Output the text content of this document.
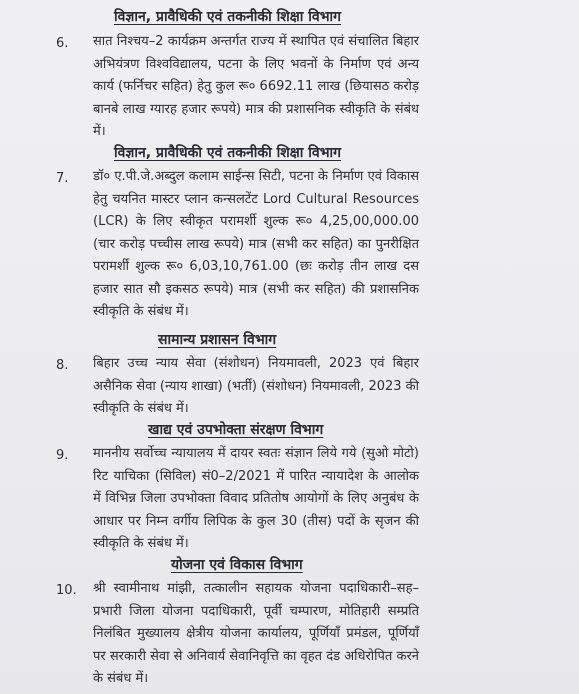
विज्ञान, प्रावैधिकी एवं तकनीकी शिक्षा विभाग
6. सात निश्चय–2 कार्यक्रम अन्तर्गत राज्य में स्थापित एवं संचालित बिहार अभियंत्रण विश्वविद्यालय, पटना के लिए भवनों के निर्माण एवं अन्य कार्य (फर्निचर सहित) हेतु कुल रू० 6692.11 लाख (छियासठ करोड़ बानबे लाख ग्यारह हजार रूपये) मात्र की प्रशासनिक स्वीकृति के संबंध में।
विज्ञान, प्रावैधिकी एवं तकनीकी शिक्षा विभाग
7. डॉ० ए.पी.जे.अब्दुल कलाम साईन्स सिटी, पटना के निर्माण एवं विकास हेतु चयनित मास्टर प्लान कन्सलटेंट Lord Cultural Resources (LCR) के लिए स्वीकृत परामर्शी शुल्क रू० 4,25,00,000.00 (चार करोड़ पच्चीस लाख रूपये) मात्र (सभी कर सहित) का पुनरीक्षित परामर्शी शुल्क रू० 6,03,10,761.00 (छः करोड़ तीन लाख दस हजार सात सौ इकसठ रूपये) मात्र (सभी कर सहित) की प्रशासनिक स्वीकृति के संबंध में।
सामान्य प्रशासन विभाग
8. बिहार उच्च न्याय सेवा (संशोधन) नियमावली, 2023 एवं बिहार असैनिक सेवा (न्याय शाखा) (भर्ती) (संशोधन) नियमावली, 2023 की स्वीकृति के संबंध में।
खाद्य एवं उपभोक्ता संरक्षण विभाग
9. माननीय सर्वोच्च न्यायालय में दायर स्वतः संज्ञान लिये गये (सुओ मोटो) रिट याचिका (सिविल) सं0–2/2021 में पारित न्यायादेश के आलोक में विभिन्न जिला उपभोक्ता विवाद प्रतितोष आयोगों के लिए अनुबंध के आधार पर निम्न वर्गीय लिपिक के कुल 30 (तीस) पदों के सृजन की स्वीकृति के संबंध में।
योजना एवं विकास विभाग
10. श्री स्वामीनाथ मांझी, तत्कालीन सहायक योजना पदाधिकारी–सह–प्रभारी जिला योजना पदाधिकारी, पूर्वी चम्पारण, मोतिहारी सम्प्रति निलंबित मुख्यालय क्षेत्रीय योजना कार्यालय, पूर्णियाँ प्रमंडल, पूर्णियाँ पर सरकारी सेवा से अनिवार्य सेवानिवृत्ति का वृहत दंड अधिरोपित करने के संबंध में।
